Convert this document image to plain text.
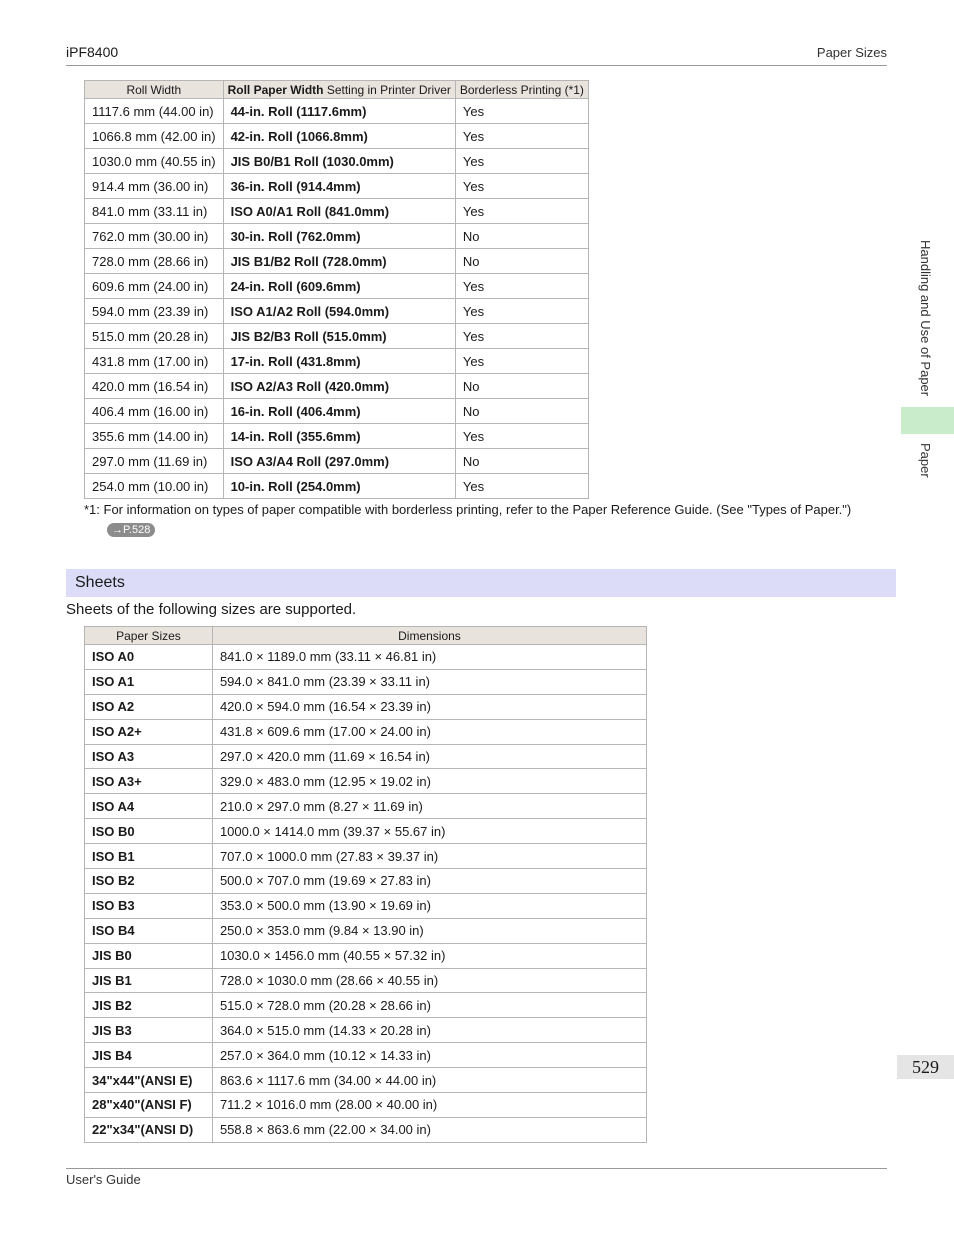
iPF8400	Paper Sizes
Roll Width	Roll Paper Width Setting in Printer Driver	Borderless Printing (*1)
1117.6 mm (44.00 in)	44-in. Roll (1117.6mm)	Yes
1066.8 mm (42.00 in)	42-in. Roll (1066.8mm)	Yes
1030.0 mm (40.55 in)	JIS B0/B1 Roll (1030.0mm)	Yes
914.4 mm (36.00 in)	36-in. Roll (914.4mm)	Yes
841.0 mm (33.11 in)	ISO A0/A1 Roll (841.0mm)	Yes
762.0 mm (30.00 in)	30-in. Roll (762.0mm)	No
728.0 mm (28.66 in)	JIS B1/B2 Roll (728.0mm)	No
609.6 mm (24.00 in)	24-in. Roll (609.6mm)	Yes
594.0 mm (23.39 in)	ISO A1/A2 Roll (594.0mm)	Yes
515.0 mm (20.28 in)	JIS B2/B3 Roll (515.0mm)	Yes
431.8 mm (17.00 in)	17-in. Roll (431.8mm)	Yes
420.0 mm (16.54 in)	ISO A2/A3 Roll (420.0mm)	No
406.4 mm (16.00 in)	16-in. Roll (406.4mm)	No
355.6 mm (14.00 in)	14-in. Roll (355.6mm)	Yes
297.0 mm (11.69 in)	ISO A3/A4 Roll (297.0mm)	No
254.0 mm (10.00 in)	10-in. Roll (254.0mm)	Yes
*1: For information on types of paper compatible with borderless printing, refer to the Paper Reference Guide. (See "Types of Paper.")
→P.528
Sheets
Sheets of the following sizes are supported.
Paper Sizes	Dimensions
ISO A0	841.0 × 1189.0 mm (33.11 × 46.81 in)
ISO A1	594.0 × 841.0 mm (23.39 × 33.11 in)
ISO A2	420.0 × 594.0 mm (16.54 × 23.39 in)
ISO A2+	431.8 × 609.6 mm (17.00 × 24.00 in)
ISO A3	297.0 × 420.0 mm (11.69 × 16.54 in)
ISO A3+	329.0 × 483.0 mm (12.95 × 19.02 in)
ISO A4	210.0 × 297.0 mm (8.27 × 11.69 in)
ISO B0	1000.0 × 1414.0 mm (39.37 × 55.67 in)
ISO B1	707.0 × 1000.0 mm (27.83 × 39.37 in)
ISO B2	500.0 × 707.0 mm (19.69 × 27.83 in)
ISO B3	353.0 × 500.0 mm (13.90 × 19.69 in)
ISO B4	250.0 × 353.0 mm (9.84 × 13.90 in)
JIS B0	1030.0 × 1456.0 mm (40.55 × 57.32 in)
JIS B1	728.0 × 1030.0 mm (28.66 × 40.55 in)
JIS B2	515.0 × 728.0 mm (20.28 × 28.66 in)
JIS B3	364.0 × 515.0 mm (14.33 × 20.28 in)
JIS B4	257.0 × 364.0 mm (10.12 × 14.33 in)
34"x44"(ANSI E)	863.6 × 1117.6 mm (34.00 × 44.00 in)
28"x40"(ANSI F)	711.2 × 1016.0 mm (28.00 × 40.00 in)
22"x34"(ANSI D)	558.8 × 863.6 mm (22.00 × 34.00 in)
Handling and Use of Paper
Paper
529
User's Guide
